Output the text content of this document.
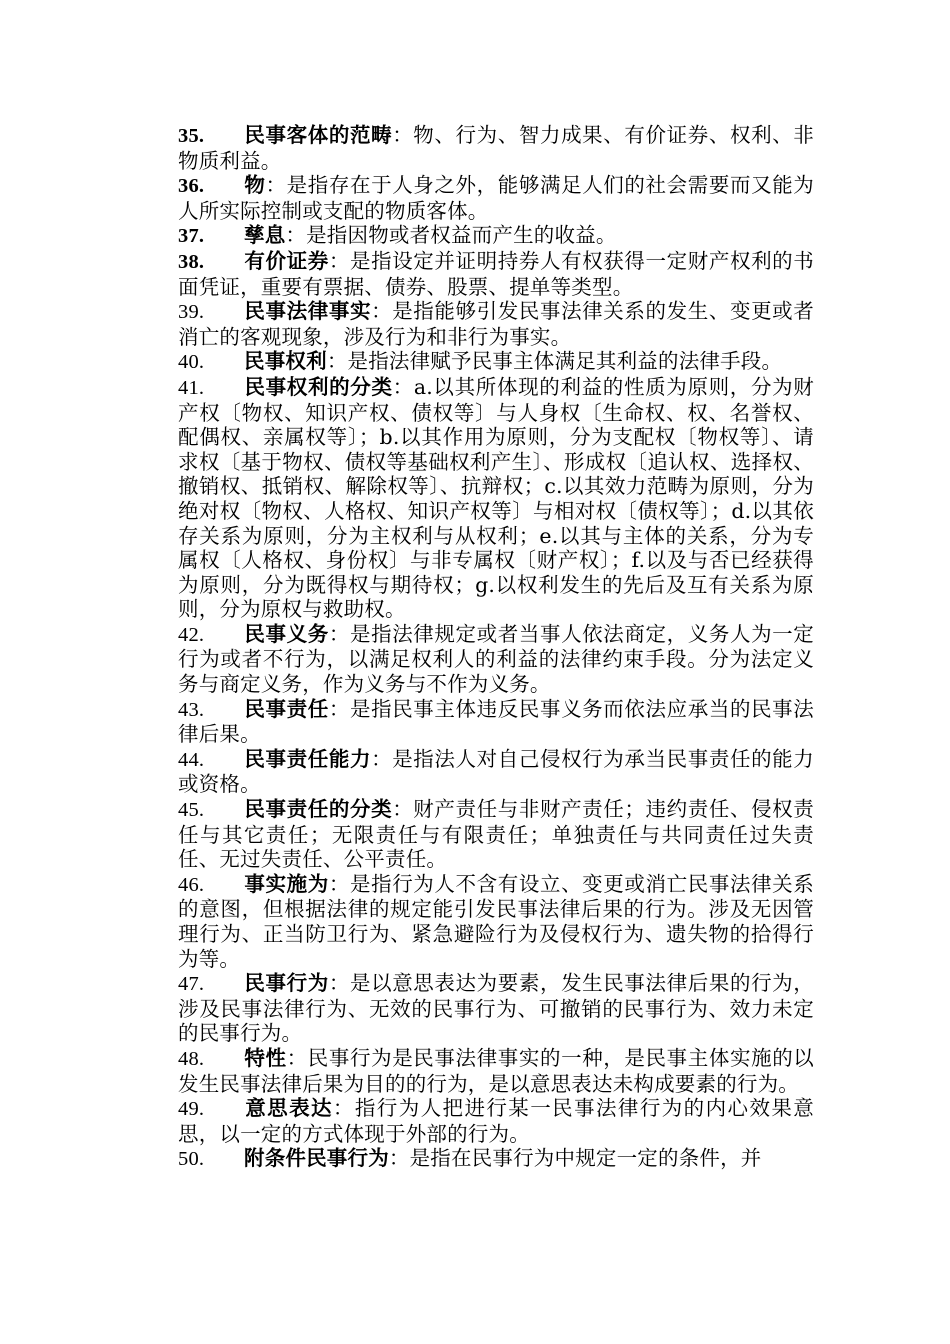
35. 民事客体的范畴：物、行为、智力成果、有价证券、权利、非物质利益。

36. 物：是指存在于人身之外，能够满足人们的社会需要而又能为人所实际控制或支配的物质客体。

37. 孳息：是指因物或者权益而产生的收益。

38. 有价证券：是指设定并证明持券人有权获得一定财产权利的书面凭证，重要有票据、债券、股票、提单等类型。

39. 民事法律事实：是指能够引发民事法律关系的发生、变更或者消亡的客观现象，涉及行为和非行为事实。

40. 民事权利：是指法律赋予民事主体满足其利益的法律手段。

41. 民事权利的分类：a.以其所体现的利益的性质为原则，分为财产权〔物权、知识产权、债权等〕与人身权〔生命权、权、名誉权、配偶权、亲属权等〕；b.以其作用为原则，分为支配权〔物权等〕、请求权〔基于物权、债权等基础权利产生〕、形成权〔追认权、选择权、撤销权、抵销权、解除权等〕、抗辩权；c.以其效力范畴为原则，分为绝对权〔物权、人格权、知识产权等〕与相对权〔债权等〕；d.以其依存关系为原则，分为主权利与从权利；e.以其与主体的关系，分为专属权〔人格权、身份权〕与非专属权〔财产权〕；f.以及与否已经获得为原则，分为既得权与期待权；g.以权利发生的先后及互有关系为原则，分为原权与救助权。

42. 民事义务：是指法律规定或者当事人依法商定，义务人为一定行为或者不行为，以满足权利人的利益的法律约束手段。分为法定义务与商定义务，作为义务与不作为义务。

43. 民事责任：是指民事主体违反民事义务而依法应承当的民事法律后果。

44. 民事责任能力：是指法人对自己侵权行为承当民事责任的能力或资格。

45. 民事责任的分类：财产责任与非财产责任；违约责任、侵权责任与其它责任；无限责任与有限责任；单独责任与共同责任过失责任、无过失责任、公平责任。

46. 事实施为：是指行为人不含有设立、变更或消亡民事法律关系的意图，但根据法律的规定能引发民事法律后果的行为。涉及无因管理行为、正当防卫行为、紧急避险行为及侵权行为、遗失物的拾得行为等。

47. 民事行为：是以意思表达为要素，发生民事法律后果的行为，涉及民事法律行为、无效的民事行为、可撤销的民事行为、效力未定的民事行为。

48. 特性：民事行为是民事法律事实的一种，是民事主体实施的以发生民事法律后果为目的的行为，是以意思表达未构成要素的行为。

49. 意思表达：指行为人把进行某一民事法律行为的内心效果意思，以一定的方式体现于外部的行为。

50. 附条件民事行为：是指在民事行为中规定一定的条件，并
